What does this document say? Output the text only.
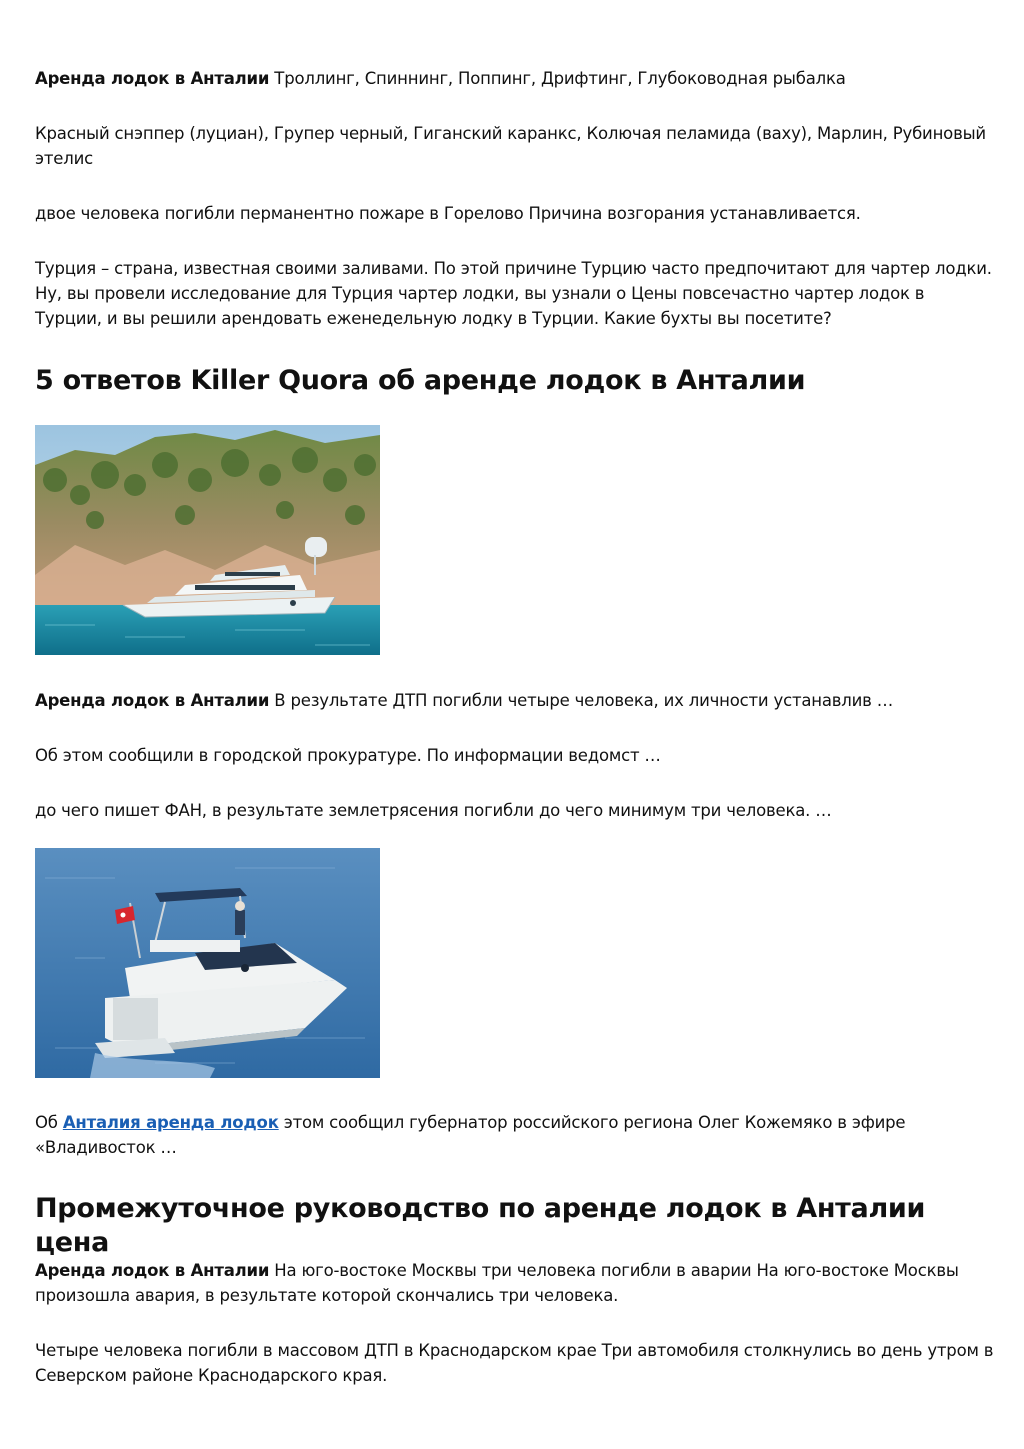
Аренда лодок в Анталии Троллинг, Спиннинг, Поппинг, Дрифтинг, Глубоководная рыбалка

Красный снэппер (луциан), Групер черный, Гиганский каранкс, Колючая пеламида (ваху), Марлин, Рубиновый этелис

двое человека погибли перманентно пожаре в Горелово Причина возгорания устанавливается.

Турция – страна, известная своими заливами. По этой причине Турцию часто предпочитают для чартер лодки. Ну, вы провели исследование для Турция чартер лодки, вы узнали о Цены повсечастно чартер лодок в Турции, и вы решили арендовать еженедельную лодку в Турции. Какие бухты вы посетите?

5 ответов Killer Quora об аренде лодок в Анталии

Аренда лодок в Анталии В результате ДТП погибли четыре человека, их личности устанавлив …

Об этом сообщили в городской прокуратуре. По информации ведомст …

до чего пишет ФАН, в результате землетрясения погибли до чего минимум три человека. …

Об Анталия аренда лодок этом сообщил губернатор российского региона Олег Кожемяко в эфире «Владивосток …

Промежуточное руководство по аренде лодок в Анталии цена

Аренда лодок в Анталии На юго-востоке Москвы три человека погибли в аварии На юго-востоке Москвы произошла авария, в результате которой скончались три человека.

Четыре человека погибли в массовом ДТП в Краснодарском крае Три автомобиля столкнулись во день утром в Северском районе Краснодарского края.
